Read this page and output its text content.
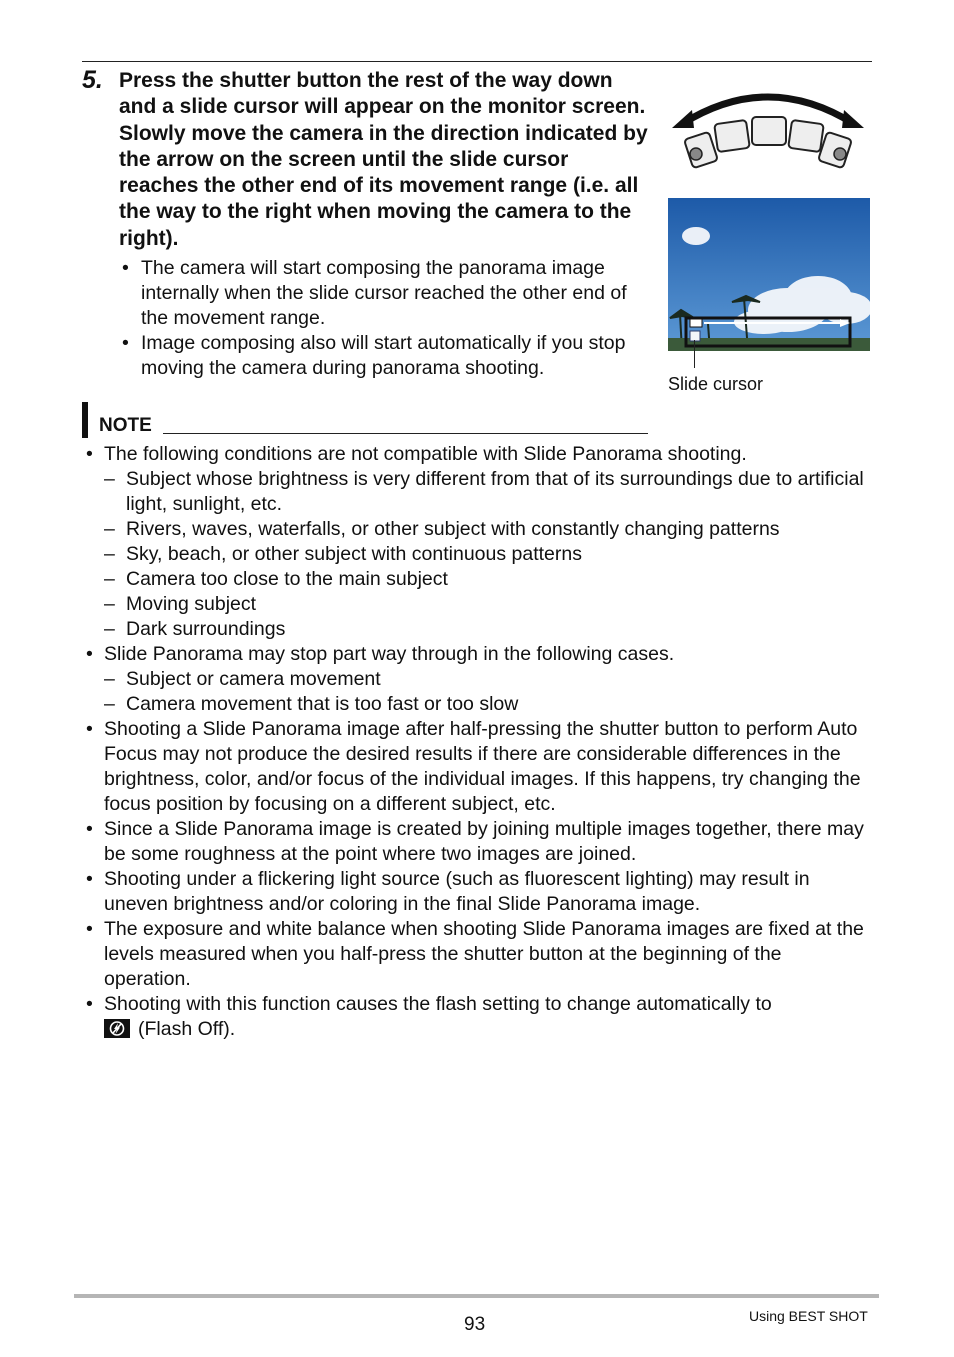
5. Press the shutter button the rest of the way down and a slide cursor will appear on the monitor screen. Slowly move the camera in the direction indicated by the arrow on the screen until the slide cursor reaches the other end of its movement range (i.e. all the way to the right when moving the camera to the right).

• The camera will start composing the panorama image internally when the slide cursor reached the other end of the movement range.
• Image composing also will start automatically if you stop moving the camera during panorama shooting.
Slide cursor
NOTE
• The following conditions are not compatible with Slide Panorama shooting.
– Subject whose brightness is very different from that of its surroundings due to artificial light, sunlight, etc.
– Rivers, waves, waterfalls, or other subject with constantly changing patterns
– Sky, beach, or other subject with continuous patterns
– Camera too close to the main subject
– Moving subject
– Dark surroundings
• Slide Panorama may stop part way through in the following cases.
– Subject or camera movement
– Camera movement that is too fast or too slow
• Shooting a Slide Panorama image after half-pressing the shutter button to perform Auto Focus may not produce the desired results if there are considerable differences in the brightness, color, and/or focus of the individual images. If this happens, try changing the focus position by focusing on a different subject, etc.
• Since a Slide Panorama image is created by joining multiple images together, there may be some roughness at the point where two images are joined.
• Shooting under a flickering light source (such as fluorescent lighting) may result in uneven brightness and/or coloring in the final Slide Panorama image.
• The exposure and white balance when shooting Slide Panorama images are fixed at the levels measured when you half-press the shutter button at the beginning of the operation.
• Shooting with this function causes the flash setting to change automatically to
(Flash Off).
93	Using BEST SHOT
